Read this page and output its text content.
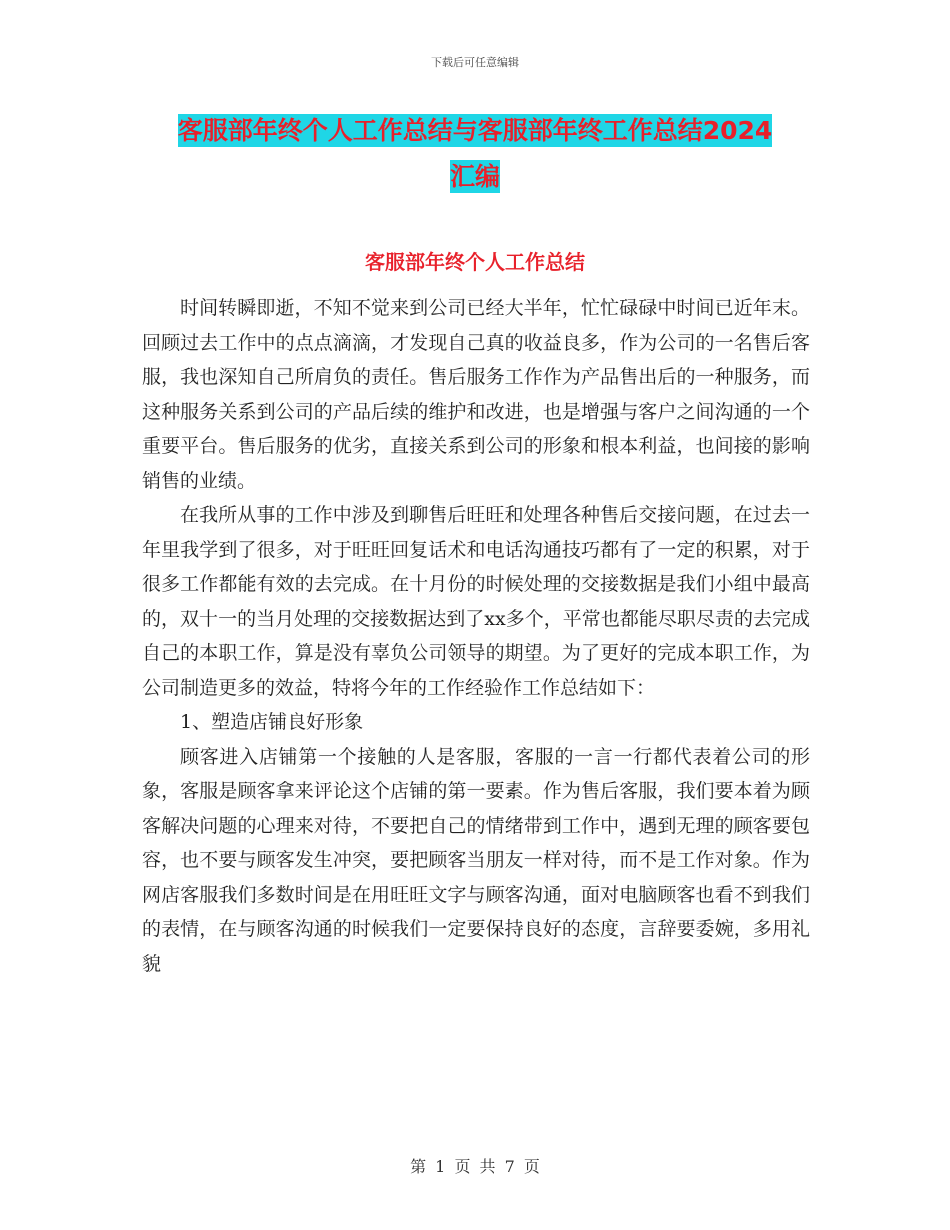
下载后可任意编辑
客服部年终个人工作总结与客服部年终工作总结2024
汇编
客服部年终个人工作总结

时间转瞬即逝，不知不觉来到公司已经大半年，忙忙碌碌中时间已近年末。回顾过去工作中的点点滴滴，才发现自己真的收益良多，作为公司的一名售后客服，我也深知自己所肩负的责任。售后服务工作作为产品售出后的一种服务，而这种服务关系到公司的产品后续的维护和改进，也是增强与客户之间沟通的一个重要平台。售后服务的优劣，直接关系到公司的形象和根本利益，也间接的影响销售的业绩。

在我所从事的工作中涉及到聊售后旺旺和处理各种售后交接问题，在过去一年里我学到了很多，对于旺旺回复话术和电话沟通技巧都有了一定的积累，对于很多工作都能有效的去完成。在十月份的时候处理的交接数据是我们小组中最高的，双十一的当月处理的交接数据达到了xx多个，平常也都能尽职尽责的去完成自己的本职工作，算是没有辜负公司领导的期望。为了更好的完成本职工作，为公司制造更多的效益，特将今年的工作经验作工作总结如下：

1、塑造店铺良好形象

顾客进入店铺第一个接触的人是客服，客服的一言一行都代表着公司的形象，客服是顾客拿来评论这个店铺的第一要素。作为售后客服，我们要本着为顾客解决问题的心理来对待，不要把自己的情绪带到工作中，遇到无理的顾客要包容，也不要与顾客发生冲突，要把顾客当朋友一样对待，而不是工作对象。作为网店客服我们多数时间是在用旺旺文字与顾客沟通，面对电脑顾客也看不到我们的表情，在与顾客沟通的时候我们一定要保持良好的态度，言辞要委婉，多用礼貌

第 1 页 共 7 页
